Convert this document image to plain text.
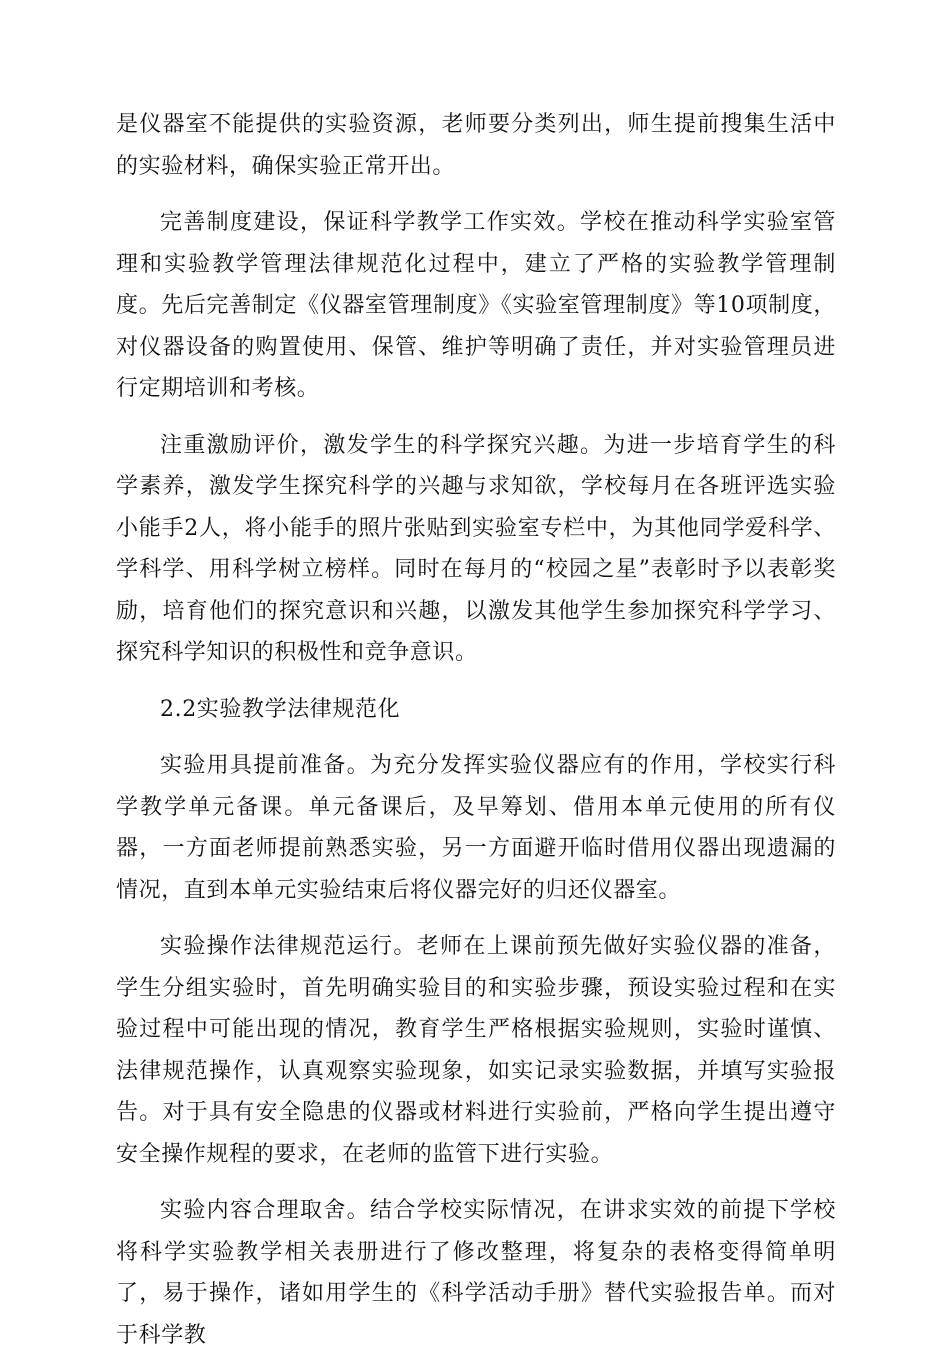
是仪器室不能提供的实验资源，老师要分类列出，师生提前搜集生活中的实验材料，确保实验正常开出。

完善制度建设，保证科学教学工作实效。学校在推动科学实验室管理和实验教学管理法律规范化过程中，建立了严格的实验教学管理制度。先后完善制定《仪器室管理制度》《实验室管理制度》等10项制度，对仪器设备的购置使用、保管、维护等明确了责任，并对实验管理员进行定期培训和考核。

注重激励评价，激发学生的科学探究兴趣。为进一步培育学生的科学素养，激发学生探究科学的兴趣与求知欲，学校每月在各班评选实验小能手2人，将小能手的照片张贴到实验室专栏中，为其他同学爱科学、学科学、用科学树立榜样。同时在每月的“校园之星”表彰时予以表彰奖励，培育他们的探究意识和兴趣，以激发其他学生参加探究科学学习、探究科学知识的积极性和竞争意识。

2.2实验教学法律规范化

实验用具提前准备。为充分发挥实验仪器应有的作用，学校实行科学教学单元备课。单元备课后，及早筹划、借用本单元使用的所有仪器，一方面老师提前熟悉实验，另一方面避开临时借用仪器出现遗漏的情况，直到本单元实验结束后将仪器完好的归还仪器室。

实验操作法律规范运行。老师在上课前预先做好实验仪器的准备，学生分组实验时，首先明确实验目的和实验步骤，预设实验过程和在实验过程中可能出现的情况，教育学生严格根据实验规则，实验时谨慎、法律规范操作，认真观察实验现象，如实记录实验数据，并填写实验报告。对于具有安全隐患的仪器或材料进行实验前，严格向学生提出遵守安全操作规程的要求，在老师的监管下进行实验。

实验内容合理取舍。结合学校实际情况，在讲求实效的前提下学校将科学实验教学相关表册进行了修改整理，将复杂的表格变得简单明了，易于操作，诸如用学生的《科学活动手册》替代实验报告单。而对于科学教
